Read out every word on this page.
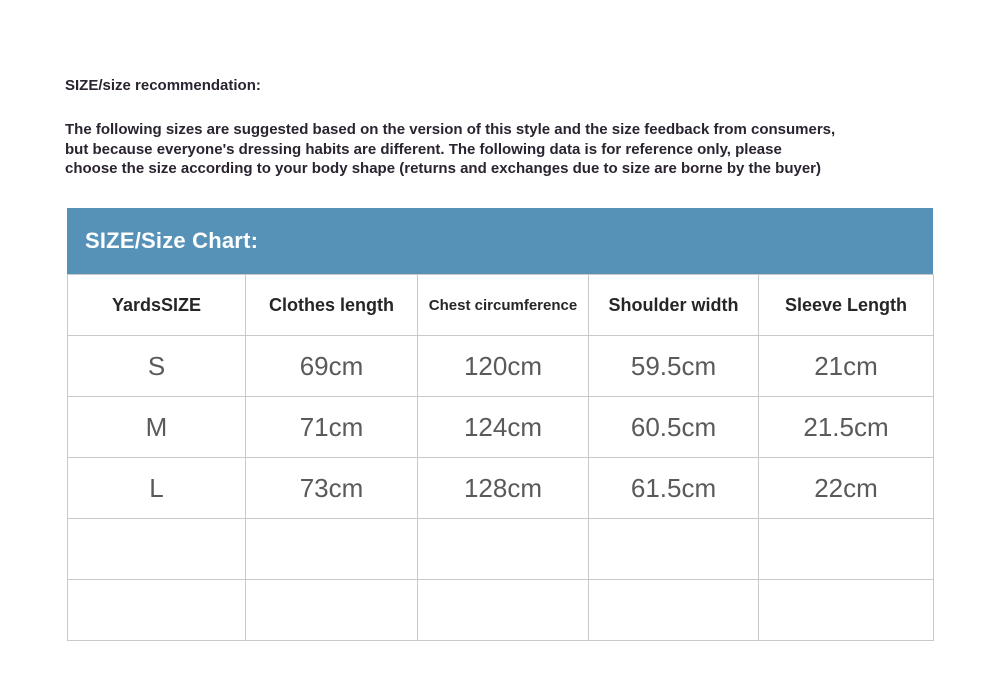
SIZE/size recommendation:
The following sizes are suggested based on the version of this style and the size feedback from consumers,
but because everyone's dressing habits are different. The following data is for reference only, please
choose the size according to your body shape (returns and exchanges due to size are borne by the buyer)
SIZE/Size Chart:
YardsSIZE	Clothes length	Chest circumference	Shoulder width	Sleeve Length
S	69cm	120cm	59.5cm	21cm
M	71cm	124cm	60.5cm	21.5cm
L	73cm	128cm	61.5cm	22cm
